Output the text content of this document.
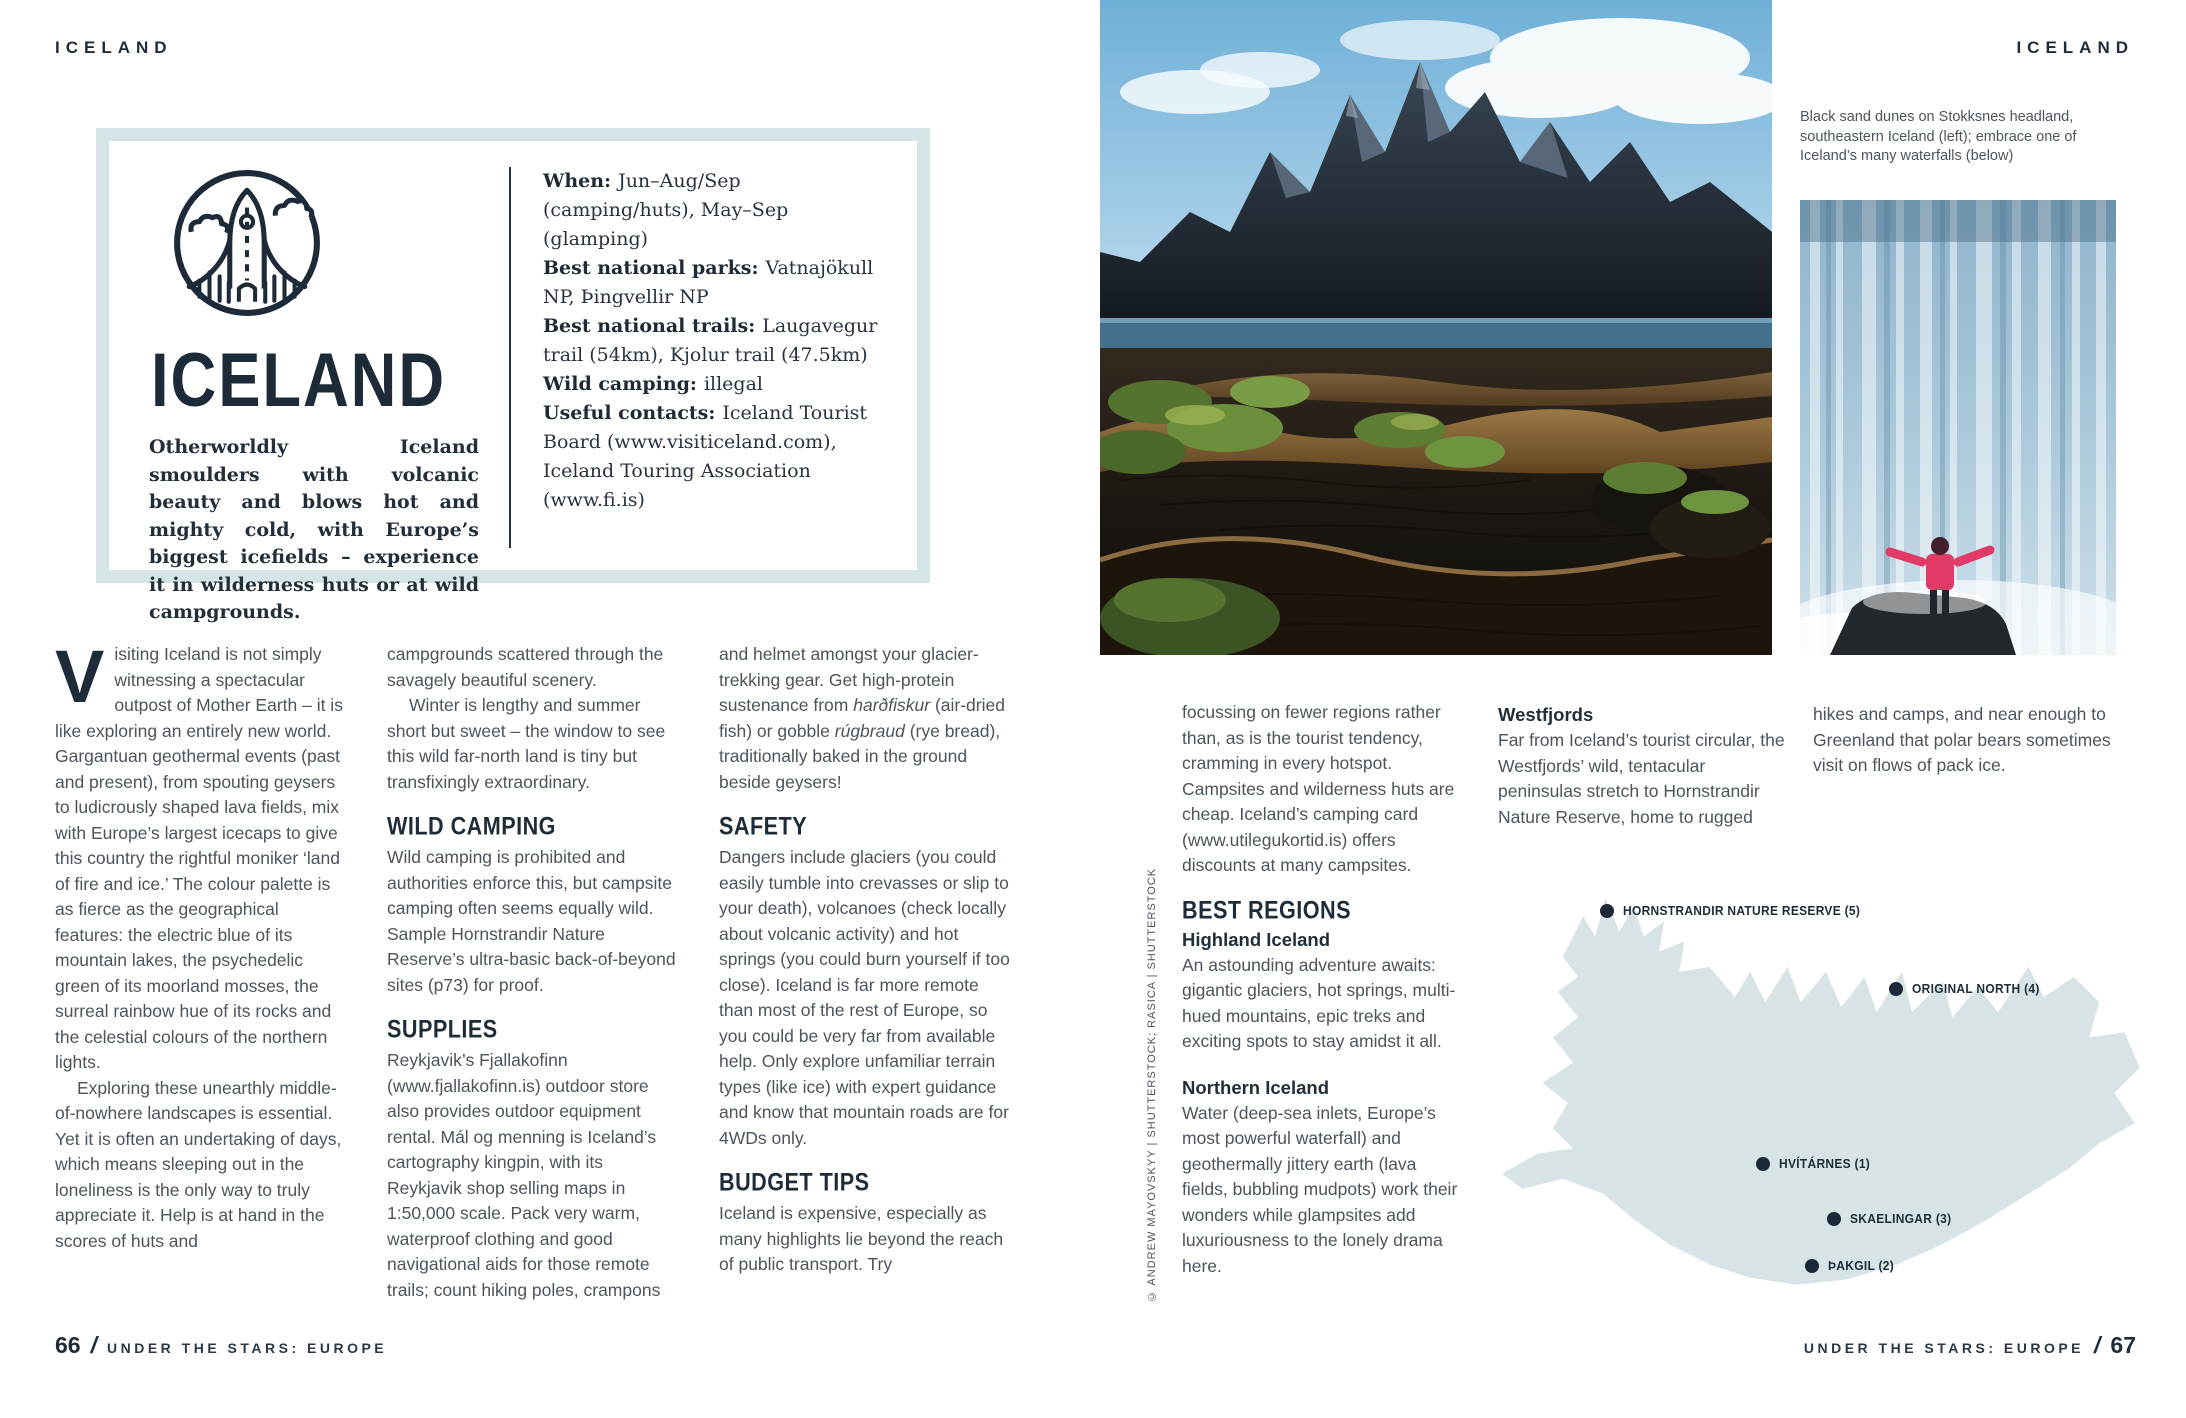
ICELAND
ICELAND
Otherworldly Iceland smoulders with volcanic beauty and blows hot and mighty cold, with Europe’s biggest icefields – experience it in wilderness huts or at wild campgrounds.
When: Jun–Aug/Sep (camping/huts), May–Sep (glamping)
Best national parks: Vatnajökull NP, Þingvellir NP
Best national trails: Laugavegur trail (54km), Kjolur trail (47.5km)
Wild camping: illegal
Useful contacts: Iceland Tourist Board (www.visiticeland.com), Iceland Touring Association (www.fi.is)

Visiting Iceland is not simply witnessing a spectacular outpost of Mother Earth – it is like exploring an entirely new world. Gargantuan geothermal events (past and present), from spouting geysers to ludicrously shaped lava fields, mix with Europe’s largest icecaps to give this country the rightful moniker ‘land of fire and ice.’ The colour palette is as fierce as the geographical features: the electric blue of its mountain lakes, the psychedelic green of its moorland mosses, the surreal rainbow hue of its rocks and the celestial colours of the northern lights.

Exploring these unearthly middle-of-nowhere landscapes is essential. Yet it is often an undertaking of days, which means sleeping out in the loneliness is the only way to truly appreciate it. Help is at hand in the scores of huts and

campgrounds scattered through the savagely beautiful scenery.

Winter is lengthy and summer short but sweet – the window to see this wild far-north land is tiny but transfixingly extraordinary.

WILD CAMPING

Wild camping is prohibited and authorities enforce this, but campsite camping often seems equally wild. Sample Hornstrandir Nature Reserve’s ultra-basic back-of-beyond sites (p73) for proof.

SUPPLIES

Reykjavik’s Fjallakofinn (www.fjallakofinn.is) outdoor store also provides outdoor equipment rental. Mál og menning is Iceland’s cartography kingpin, with its Reykjavik shop selling maps in 1:50,000 scale. Pack very warm, waterproof clothing and good navigational aids for those remote trails; count hiking poles, crampons

and helmet amongst your glacier-trekking gear. Get high-protein sustenance from harðfiskur (air-dried fish) or gobble rúgbraud (rye bread), traditionally baked in the ground beside geysers!

SAFETY

Dangers include glaciers (you could easily tumble into crevasses or slip to your death), volcanoes (check locally about volcanic activity) and hot springs (you could burn yourself if too close). Iceland is far more remote than most of the rest of Europe, so you could be very far from available help. Only explore unfamiliar terrain types (like ice) with expert guidance and know that mountain roads are for 4WDs only.

BUDGET TIPS

Iceland is expensive, especially as many highlights lie beyond the reach of public transport. Try

66 / UNDER THE STARS: EUROPE
ICELAND
Black sand dunes on Stokksnes headland, southeastern Iceland (left); embrace one of Iceland’s many waterfalls (below)
© ANDREW MAYOVSKYY | SHUTTERSTOCK; RASICA | SHUTTERSTOCK

focussing on fewer regions rather than, as is the tourist tendency, cramming in every hotspot. Campsites and wilderness huts are cheap. Iceland’s camping card (www.utilegukortid.is) offers discounts at many campsites.

BEST REGIONS
Highland Iceland

An astounding adventure awaits: gigantic glaciers, hot springs, multi-hued mountains, epic treks and exciting spots to stay amidst it all.

Northern Iceland

Water (deep-sea inlets, Europe’s most powerful waterfall) and geothermally jittery earth (lava fields, bubbling mudpots) work their wonders while glampsites add luxuriousness to the lonely drama here.

Westfjords

Far from Iceland’s tourist circular, the Westfjords’ wild, tentacular peninsulas stretch to Hornstrandir Nature Reserve, home to rugged

hikes and camps, and near enough to Greenland that polar bears sometimes visit on flows of pack ice.

HORNSTRANDIR NATURE RESERVE (5)
ORIGINAL NORTH (4)
HVÍTÁRNES (1)
SKAELINGAR (3)
ÞAKGIL (2)
UNDER THE STARS: EUROPE / 67
